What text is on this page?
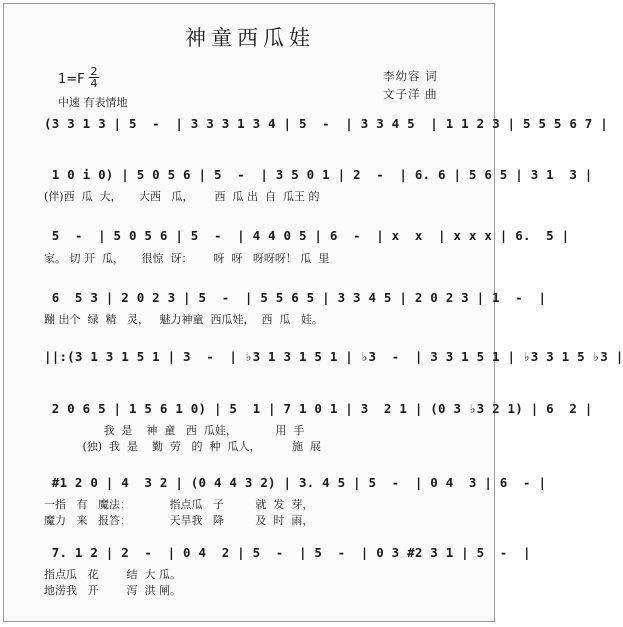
神童西瓜娃
1=F
2
4
中速 有表情地
李幼容 词
文子洋 曲
(3 3 1 3 | 5  -  | 3 3 3 1 3 4 | 5  -  | 3 3 4 5  | 1 1 2 3 | 5 5 5 6 7 |
1 0 i 0) | 5 0 5 6 | 5  -  | 3 5 0 1 | 2  -  | 6. 6 | 5 6 5 | 3 1  3 |
(伴)西  瓜  大，     大西   瓜，      西  瓜 出  自  瓜王 的
5  -  | 5 0 5 6 | 5  -  | 4 4 0 5 | 6  -  | x  x  | x x x | 6.  5 |
家。 切 开  瓜，     很惊  讶：      呀  呀   呀呀呀！ 瓜  里
6  5 3 | 2 0 2 3 | 5  -  | 5 5 6 5 | 3 3 4 5 | 2 0 2 3 | 1  -  |
蹦 出个  绿  精   灵，   魅力神童  西瓜娃，  西  瓜   娃。
||:(3 1 3 1 5 1 | 3  -  | ♭3 1 3 1 5 1 | ♭3  -  | 3 3 1 5 1 | ♭3 3 1 5 ♭3 |
2 0 6 5 | 1 5 6 1 0) | 5  1 | 7 1 0 1 | 3  2 1 | (0 3 ♭3 2 1) | 6  2 |
我  是    神  童   西  瓜娃，           用  手
(独)  我  是    勤  劳   的  种  瓜人，         施  展
#1 2 0 | 4  3 2 | (0 4 4 3 2) | 3. 4 5 | 5  -  | 0 4  3 | 6  - |
一指   有   魔法：           指点瓜   子         就  发  芽，
魔力   来   报答：           天旱我   降         及  时  雨，
7. 1 2 | 2  -  | 0 4  2 | 5  -  | 5  -  | 0 3 #2 3 1 | 5  -  |
指点瓜   花        结  大 瓜。
地涝我   开        泻  洪 闸。
